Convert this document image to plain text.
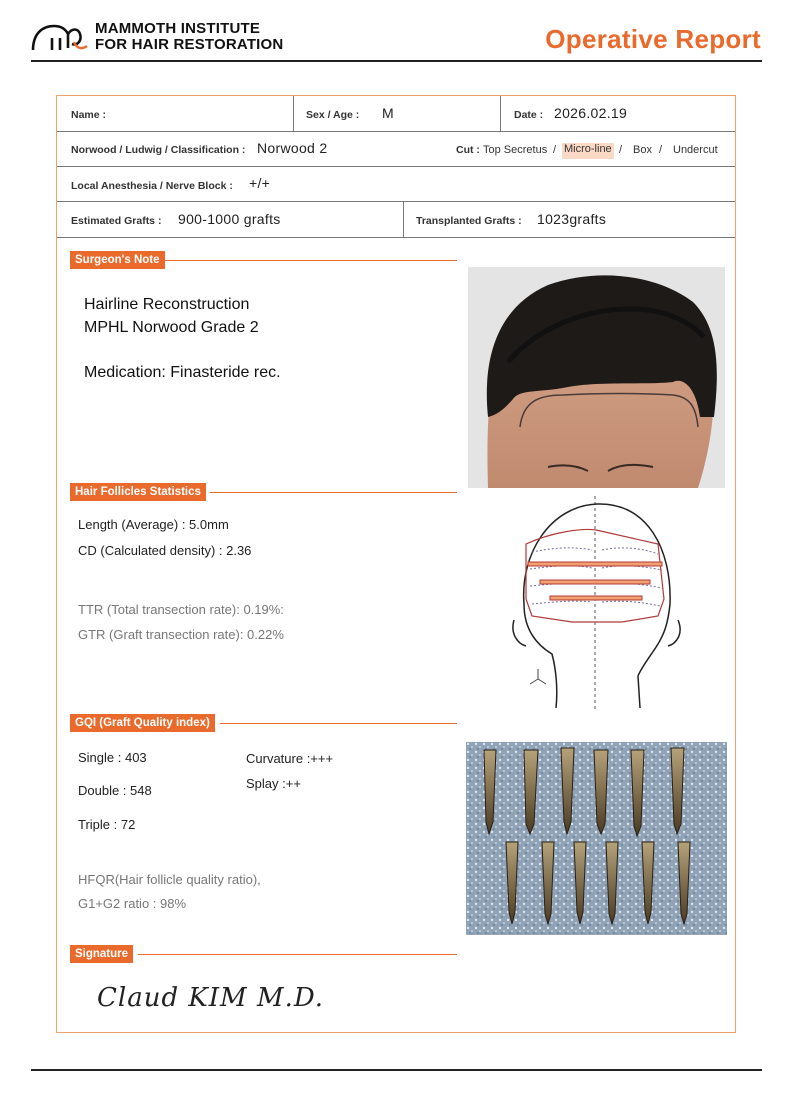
MAMMOTH INSTITUTE
FOR HAIR RESTORATION	Operative Report
Name :	Sex / Age : M	Date : 2026.02.19
Norwood / Ludwig / Classification : Norwood 2	Cut : Top Secretus / Micro-line / Box / Undercut
Local Anesthesia / Nerve Block : +/+
Estimated Grafts : 900-1000 grafts	Transplanted Grafts : 1023grafts
Surgeon's Note
Hairline Reconstruction
MPHL Norwood Grade 2
Medication: Finasteride rec.
Hair Follicles Statistics
Length (Average) : 5.0mm
CD (Calculated density) : 2.36
TTR (Total transection rate): 0.19%:
GTR (Graft transection rate): 0.22%
GQI (Graft Quality index)
Single : 403
Double : 548
Triple : 72
Curvature :+++
Splay :++
HFQR(Hair follicle quality ratio),
G1+G2 ratio : 98%
Signature
Claud KIM M.D.
